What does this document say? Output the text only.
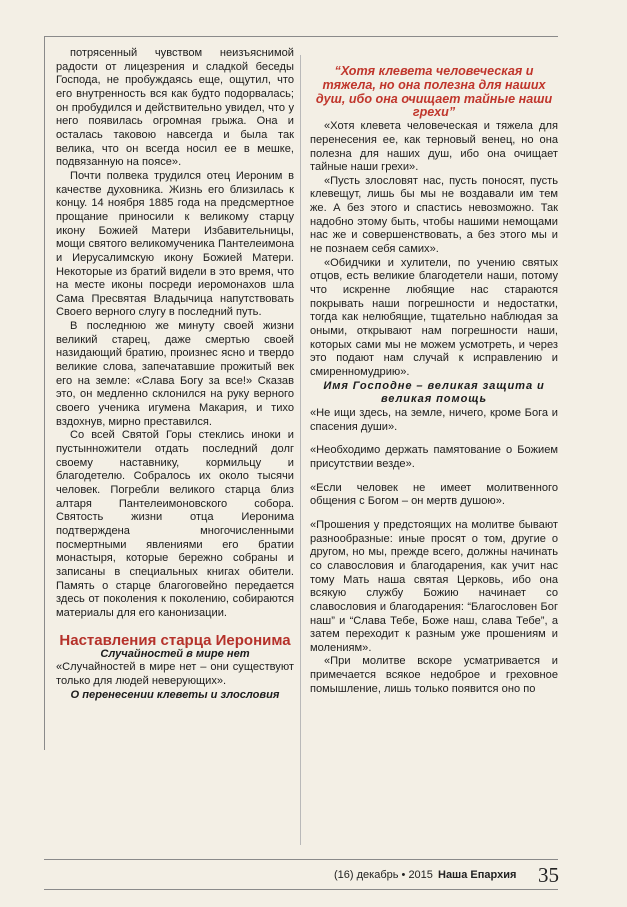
потрясенный чувством неизъяснимой радости от лицезрения и сладкой беседы Господа, не пробуждаясь еще, ощутил, что его внутренность вся как будто подорвалась; он пробудился и действительно увидел, что у него появилась огромная грыжа. Она и осталась таковою навсегда и была так велика, что он всегда носил ее в мешке, подвязанную на поясе».

Почти полвека трудился отец Иероним в качестве духовника. Жизнь его близилась к концу. 14 ноября 1885 года на предсмертное прощание приносили к великому старцу икону Божией Матери Избавительницы, мощи святого великомученика Пантелеимона и Иерусалимскую икону Божией Матери. Некоторые из братий видели в это время, что на месте иконы посреди иеромонахов шла Сама Пресвятая Владычица напутствовать Своего верного слугу в последний путь.

В последнюю же минуту своей жизни великий старец, даже смертью своей назидающий братию, произнес ясно и твердо великие слова, запечатавшие прожитый век его на земле: «Слава Богу за все!» Сказав это, он медленно склонился на руку верного своего ученика игумена Макария, и тихо вздохнув, мирно преставился.

Со всей Святой Горы стеклись иноки и пустынножители отдать последний долг своему наставнику, кормильцу и благодетелю. Собралось их около тысячи человек. Погребли великого старца близ алтаря Пантелеимоновского собора. Святость жизни отца Иеронима подтверждена многочисленными посмертными явлениями его братии монастыря, которые бережно собраны и записаны в специальных книгах обители. Память о старце благоговейно передается здесь от поколения к поколению, собираются материалы для его канонизации.

Наставления старца Иеронима

Случайностей в мире нет

«Случайностей в мире нет – они существуют только для людей неверующих».

О перенесении клеветы и злословия

“Хотя клевета человеческая и тяжела, но она полезна для наших душ, ибо она очищает тайные наши грехи”

«Хотя клевета человеческая и тяжела для перенесения ее, как терновый венец, но она полезна для наших душ, ибо она очищает тайные наши грехи».

«Пусть злословят нас, пусть поносят, пусть клевещут, лишь бы мы не воздавали им тем же. А без этого и спастись невозможно. Так надобно этому быть, чтобы нашими немощами нас же и совершенствовать, а без этого мы и не познаем себя самих».

«Обидчики и хулители, по учению святых отцов, есть великие благодетели наши, потому что искренне любящие нас стараются покрывать наши погрешности и недостатки, тогда как нелюбящие, тщательно наблюдая за оными, открывают нам погрешности наши, которых сами мы не можем усмотреть, и через это подают нам случай к исправлению и смиренномудрию».

Имя Господне – великая защита и великая помощь

«Не ищи здесь, на земле, ничего, кроме Бога и спасения души».

«Необходимо держать памятование о Божием присутствии везде».

«Если человек не имеет молитвенного общения с Богом – он мертв душою».

«Прошения у предстоящих на молитве бывают разнообразные: иные просят о том, другие о другом, но мы, прежде всего, должны начинать со славословия и благодарения, как учит нас тому Мать наша святая Церковь, ибо она всякую службу Божию начинает со славословия и благодарения: “Благословен Бог наш” и “Слава Тебе, Боже наш, слава Тебе”, а затем переходит к разным уже прошениям и молениям».

«При молитве вскоре усматривается и примечается всякое недоброе и греховное помышление, лишь только появится оно по

(16) декабрь • 2015 Наша Епархия 35
